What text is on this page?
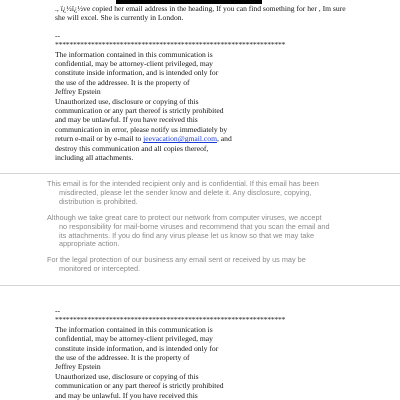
., ï¿½ï¿½ve copied her email address in the heading, If you can find something for her , Im sure

she will excel. She is currently in London.

--

****************************************************************

The information contained in this communication is

confidential, may be attorney-client privileged, may

constitute inside information, and is intended only for

the use of the addressee. It is the property of

Jeffrey Epstein

Unauthorized use, disclosure or copying of this

communication or any part thereof is strictly prohibited

and may be unlawful. If you have received this

communication in error, please notify us immediately by

return e-mail or by e-mail to jeevacation@gmail.com, and

destroy this communication and all copies thereof,

including all attachments.

This email is for the intended recipient only and is confidential. If this email has been
misdirected, please let the sender know and delete it. Any disclosure, copying,
distribution is prohibited.

Although we take great care to protect our network from computer viruses, we accept
no responsibility for mail-borne viruses and recommend that you scan the email and
its attachments. If you do find any virus please let us know so that we may take
appropriate action.

For the legal protection of our business any email sent or received by us may be
monitored or intercepted.

--

****************************************************************

The information contained in this communication is

confidential, may be attorney-client privileged, may

constitute inside information, and is intended only for

the use of the addressee. It is the property of

Jeffrey Epstein

Unauthorized use, disclosure or copying of this

communication or any part thereof is strictly prohibited

and may be unlawful. If you have received this
